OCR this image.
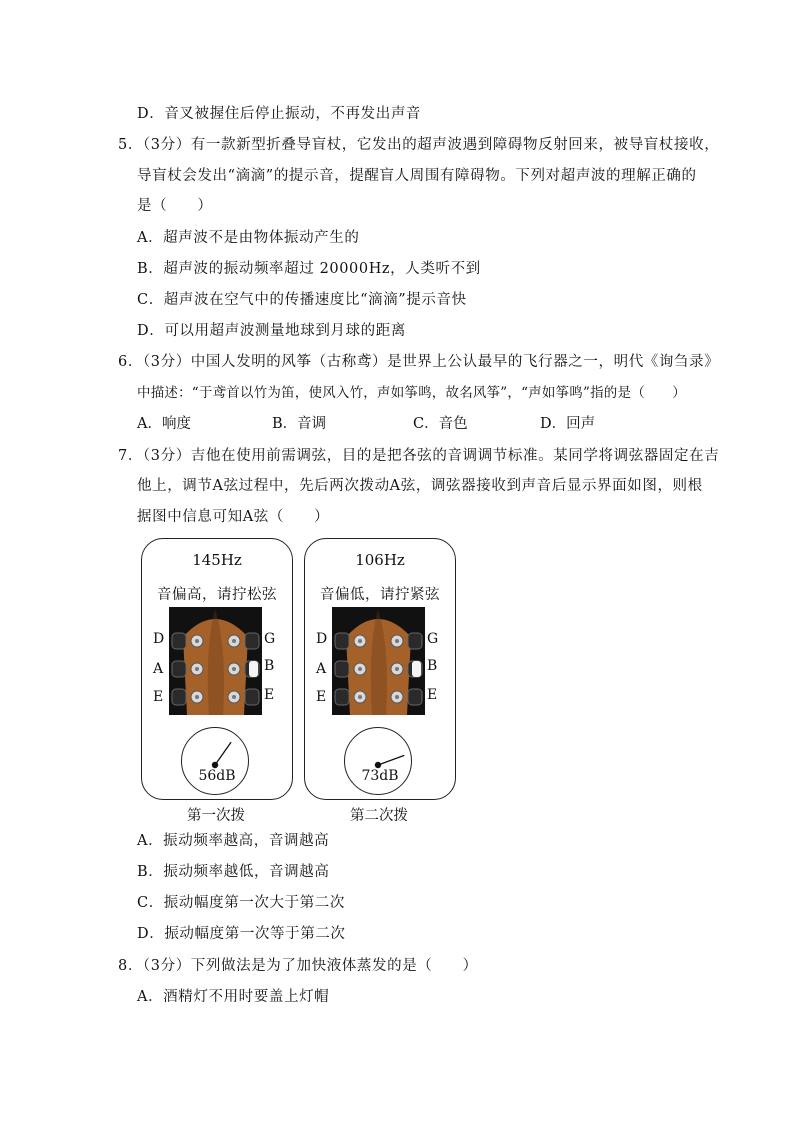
D．音叉被握住后停止振动，不再发出声音
5．（3分）有一款新型折叠导盲杖，它发出的超声波遇到障碍物反射回来，被导盲杖接收，
导盲杖会发出“滴滴”的提示音，提醒盲人周围有障碍物。下列对超声波的理解正确的
是（　　）
A．超声波不是由物体振动产生的
B．超声波的振动频率超过 20000Hz，人类听不到
C．超声波在空气中的传播速度比“滴滴”提示音快
D．可以用超声波测量地球到月球的距离
6．（3分）中国人发明的风筝（古称鸢）是世界上公认最早的飞行器之一，明代《询刍录》
中描述：“于鸢首以竹为笛，使风入竹，声如筝鸣，故名风筝”，“声如筝鸣”指的是（　　）
A．响度	B．音调	C．音色	D．回声
7．（3分）吉他在使用前需调弦，目的是把各弦的音调调节标准。某同学将调弦器固定在吉
他上，调节A弦过程中，先后两次拨动A弦，调弦器接收到声音后显示界面如图，则根
据图中信息可知A弦（　　）
145Hz
音偏高，请拧松弦
D
A
E
G
B
E
56dB
第一次拨
106Hz
音偏低，请拧紧弦
D
A
E
G
B
E
73dB
第二次拨
A．振动频率越高，音调越高
B．振动频率越低，音调越高
C．振动幅度第一次大于第二次
D．振动幅度第一次等于第二次
8．（3分）下列做法是为了加快液体蒸发的是（　　）
A．酒精灯不用时要盖上灯帽
